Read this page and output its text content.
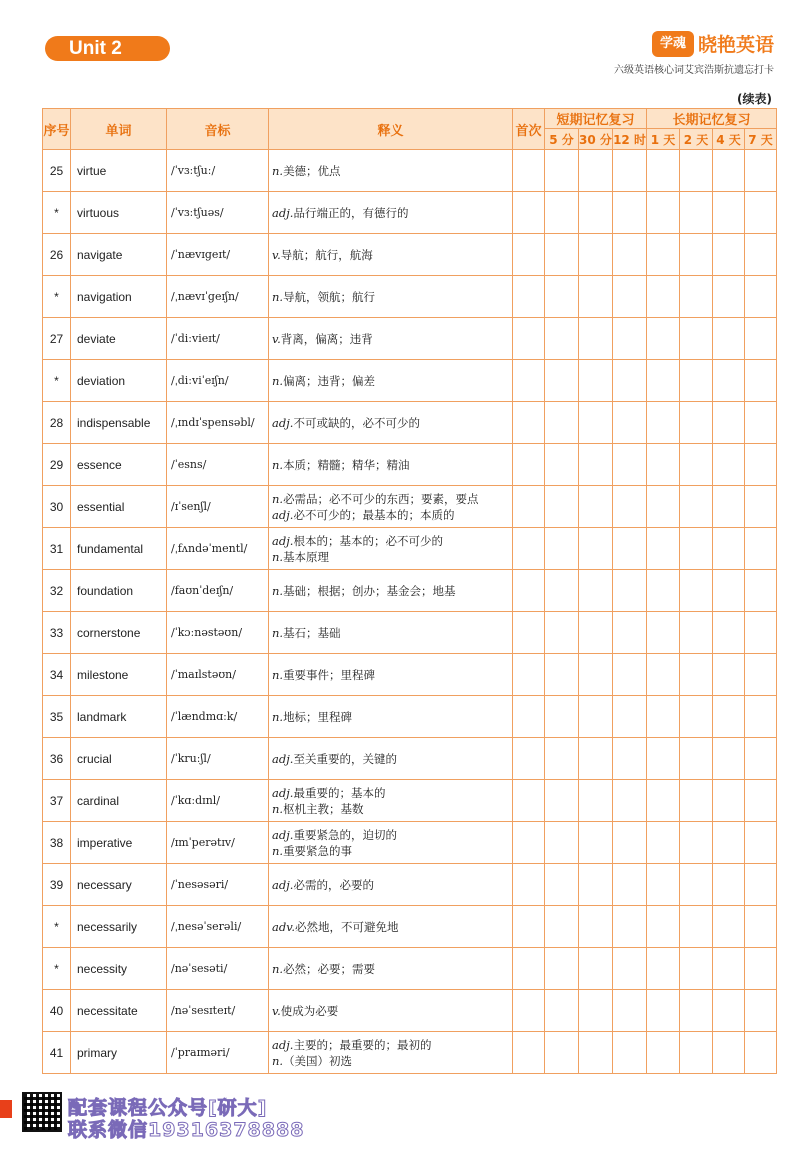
Unit 2	学魂 晓艳英语
六级英语核心词艾宾浩斯抗遗忘打卡
(续表)
序号	单词	音标	释义	首次	短期记忆复习			长期记忆复习			
					5 分	30 分	12 时	1 天	2 天	4 天	7 天
25	virtue	/ˈvɜːtʃuː/	n.美德；优点								

*	virtuous	/ˈvɜːtʃuəs/	adj.品行端正的，有德行的								

26	navigate	/ˈnævɪgeɪt/	v.导航；航行，航海								

*	navigation	/ˌnævɪˈgeɪʃn/	n.导航，领航；航行								

27	deviate	/ˈdiːvieɪt/	v.背离，偏离；违背								

*	deviation	/ˌdiːviˈeɪʃn/	n.偏离；违背；偏差								

28	indispensable	/ˌɪndɪˈspensəbl/	adj.不可或缺的，必不可少的								

29	essence	/ˈesns/	n.本质；精髓；精华；精油								

30	essential	/ɪˈsenʃl/	n.必需品；必不可少的东西；要素，要点
adj.必不可少的；最基本的；本质的								

31	fundamental	/ˌfʌndəˈmentl/	adj.根本的；基本的；必不可少的
n.基本原理								

32	foundation	/faʊnˈdeɪʃn/	n.基础；根据；创办；基金会；地基								

33	cornerstone	/ˈkɔːnəstəʊn/	n.基石；基础								

34	milestone	/ˈmaɪlstəʊn/	n.重要事件；里程碑								

35	landmark	/ˈlændmɑːk/	n.地标；里程碑								

36	crucial	/ˈkruːʃl/	adj.至关重要的，关键的								

37	cardinal	/ˈkɑːdɪnl/	adj.最重要的；基本的
n.枢机主教；基数								

38	imperative	/ɪmˈperətɪv/	adj.重要紧急的，迫切的
n.重要紧急的事								

39	necessary	/ˈnesəsəri/	adj.必需的，必要的								

*	necessarily	/ˌnesəˈserəli/	adv.必然地，不可避免地								

*	necessity	/nəˈsesəti/	n.必然；必要；需要								

40	necessitate	/nəˈsesɪteɪt/	v.使成为必要								

41	primary	/ˈpraɪməri/	adj.主要的；最重要的；最初的
n.（美国）初选								

配套课程公众号[研大]
联系微信19316378888
